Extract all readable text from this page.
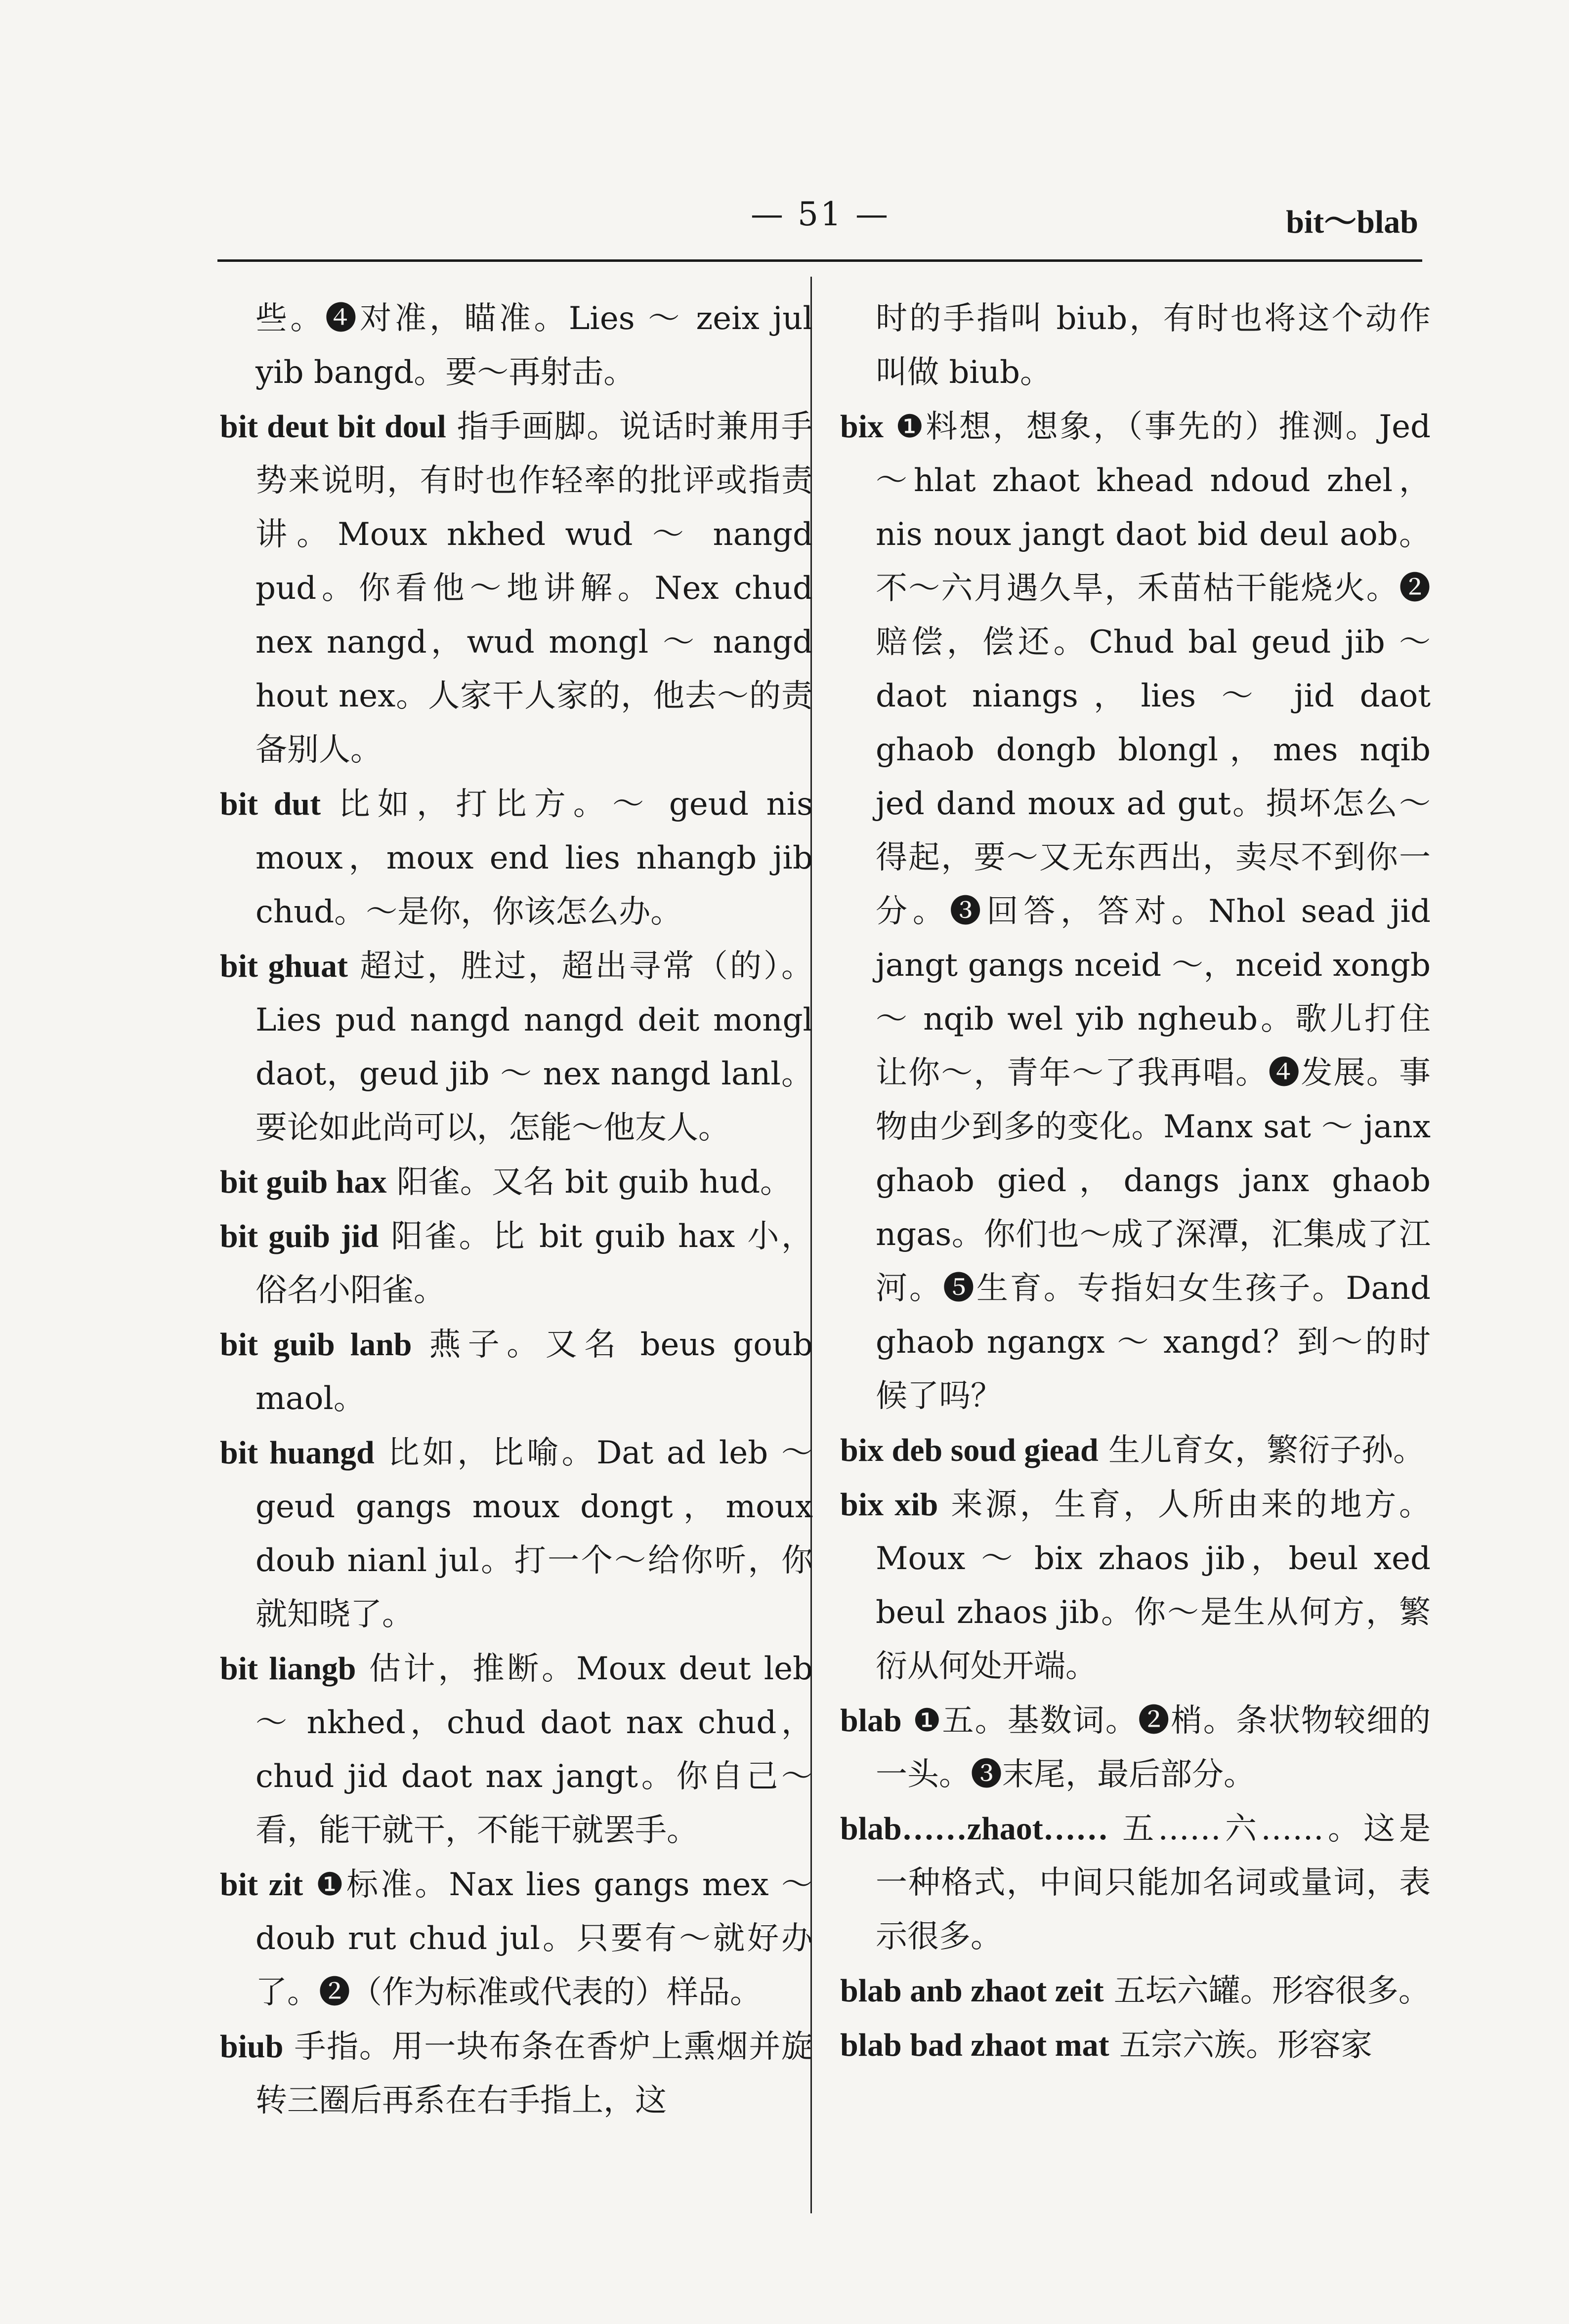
— 51 —	bit～blab

些。❹对准，瞄准。Lies ～ zeix jul yib bangd。要～再射击。

bit deut bit doul 指手画脚。说话时兼用手势来说明，有时也作轻率的批评或指责讲。Moux nkhed wud ～ nangd pud。你看他～地讲解。Nex chud nex nangd，wud mongl ～ nangd hout nex。人家干人家的，他去～的责备别人。

bit dut 比如，打比方。～ geud nis moux，moux end lies nhangb jib chud。～是你，你该怎么办。

bit ghuat 超过，胜过，超出寻常（的）。Lies pud nangd nangd deit mongl daot，geud jib ～ nex nangd lanl。要论如此尚可以，怎能～他友人。

bit guib hax 阳雀。又名 bit guib hud。

bit guib jid 阳雀。比 bit guib hax 小，俗名小阳雀。

bit guib lanb 燕子。又名 beus goub maol。

bit huangd 比如，比喻。Dat ad leb ～ geud gangs moux dongt，moux doub nianl jul。打一个～给你听，你就知晓了。

bit liangb 估计，推断。Moux deut leb ～ nkhed，chud daot nax chud，chud jid daot nax jangt。你自己～看，能干就干，不能干就罢手。

bit zit ❶标准。Nax lies gangs mex ～ doub rut chud jul。只要有～就好办了。❷（作为标准或代表的）样品。

biub 手指。用一块布条在香炉上熏烟并旋转三圈后再系在右手指上，这

时的手指叫 biub，有时也将这个动作叫做 biub。

bix ❶料想，想象，（事先的）推测。Jed ～hlat zhaot khead ndoud zhel，nis noux jangt daot bid deul aob。不～六月遇久旱，禾苗枯干能烧火。❷赔偿，偿还。Chud bal geud jib ～ daot niangs，lies ～ jid daot ghaob dongb blongl，mes nqib jed dand moux ad gut。损坏怎么～得起，要～又无东西出，卖尽不到你一分。❸回答，答对。Nhol sead jid jangt gangs nceid ～，nceid xongb ～ nqib wel yib ngheub。歌儿打住让你～，青年～了我再唱。❹发展。事物由少到多的变化。Manx sat ～ janx ghaob gied，dangs janx ghaob ngas。你们也～成了深潭，汇集成了江河。❺生育。专指妇女生孩子。Dand ghaob ngangx ～ xangd？到～的时候了吗？

bix deb soud giead 生儿育女，繁衍子孙。

bix xib 来源，生育，人所由来的地方。Moux ～ bix zhaos jib，beul xed beul zhaos jib。你～是生从何方，繁衍从何处开端。

blab ❶五。基数词。❷梢。条状物较细的一头。❸末尾，最后部分。

blab……zhaot…… 五……六……。这是一种格式，中间只能加名词或量词，表示很多。

blab anb zhaot zeit 五坛六罐。形容很多。

blab bad zhaot mat 五宗六族。形容家
